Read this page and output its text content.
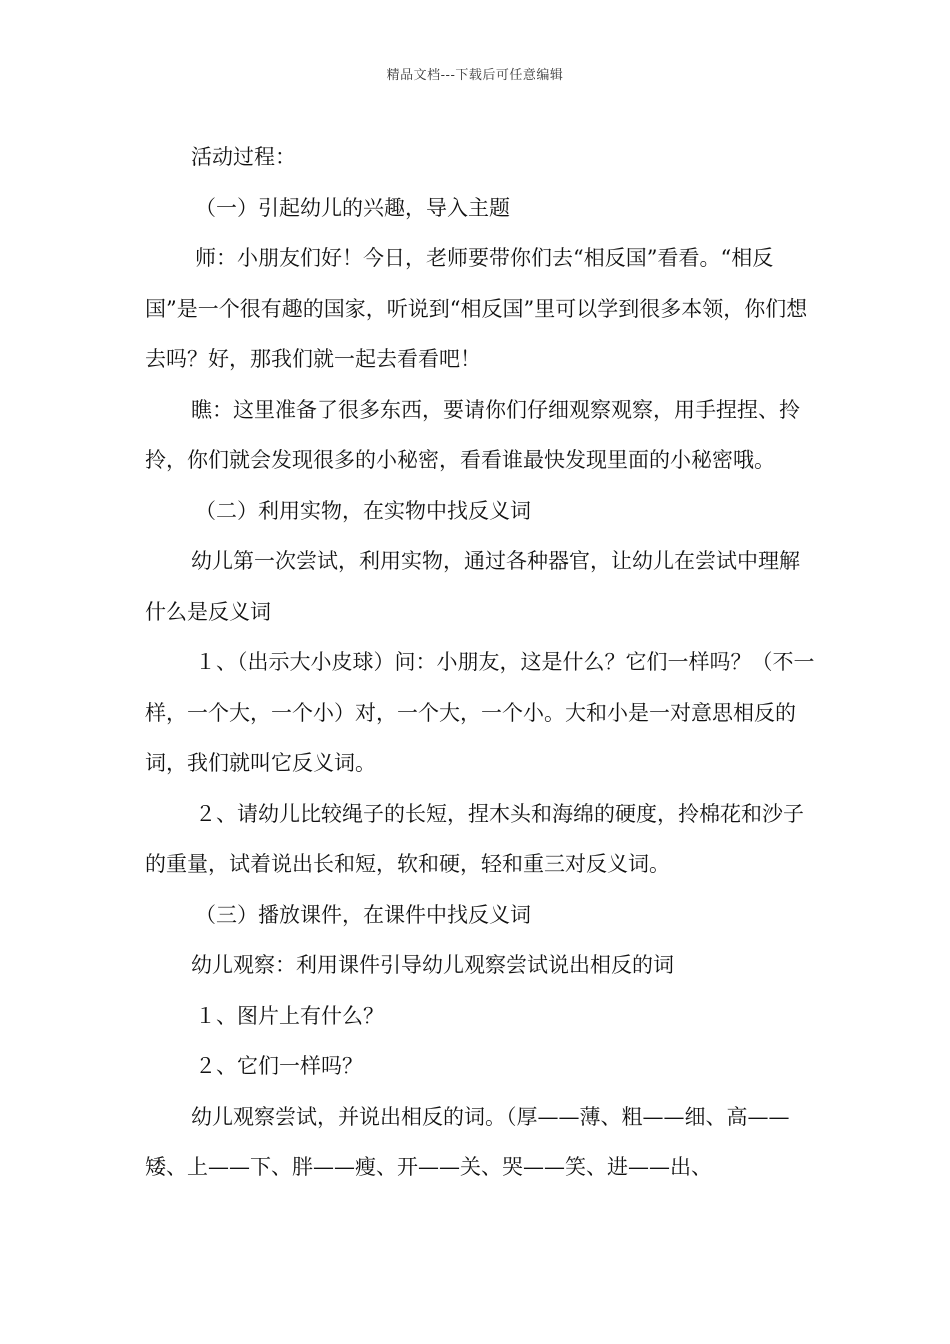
精品文档---下载后可任意编辑

活动过程：

（一）引起幼儿的兴趣，导入主题

师：小朋友们好！今日，老师要带你们去“相反国”看看。“相反国”是一个很有趣的国家，听说到“相反国”里可以学到很多本领，你们想去吗？好，那我们就一起去看看吧！

瞧：这里准备了很多东西，要请你们仔细观察观察，用手捏捏、拎拎，你们就会发现很多的小秘密，看看谁最快发现里面的小秘密哦。

（二）利用实物，在实物中找反义词

幼儿第一次尝试，利用实物，通过各种器官，让幼儿在尝试中理解什么是反义词

１、（出示大小皮球）问：小朋友，这是什么？它们一样吗？（不一样，一个大，一个小）对，一个大，一个小。大和小是一对意思相反的词，我们就叫它反义词。

２、请幼儿比较绳子的长短，捏木头和海绵的硬度，拎棉花和沙子的重量，试着说出长和短，软和硬，轻和重三对反义词。

（三）播放课件，在课件中找反义词

幼儿观察：利用课件引导幼儿观察尝试说出相反的词

１、图片上有什么？

２、它们一样吗？

幼儿观察尝试，并说出相反的词。（厚——薄、粗——细、高——矮、上——下、胖——瘦、开——关、哭——笑、进——出、
